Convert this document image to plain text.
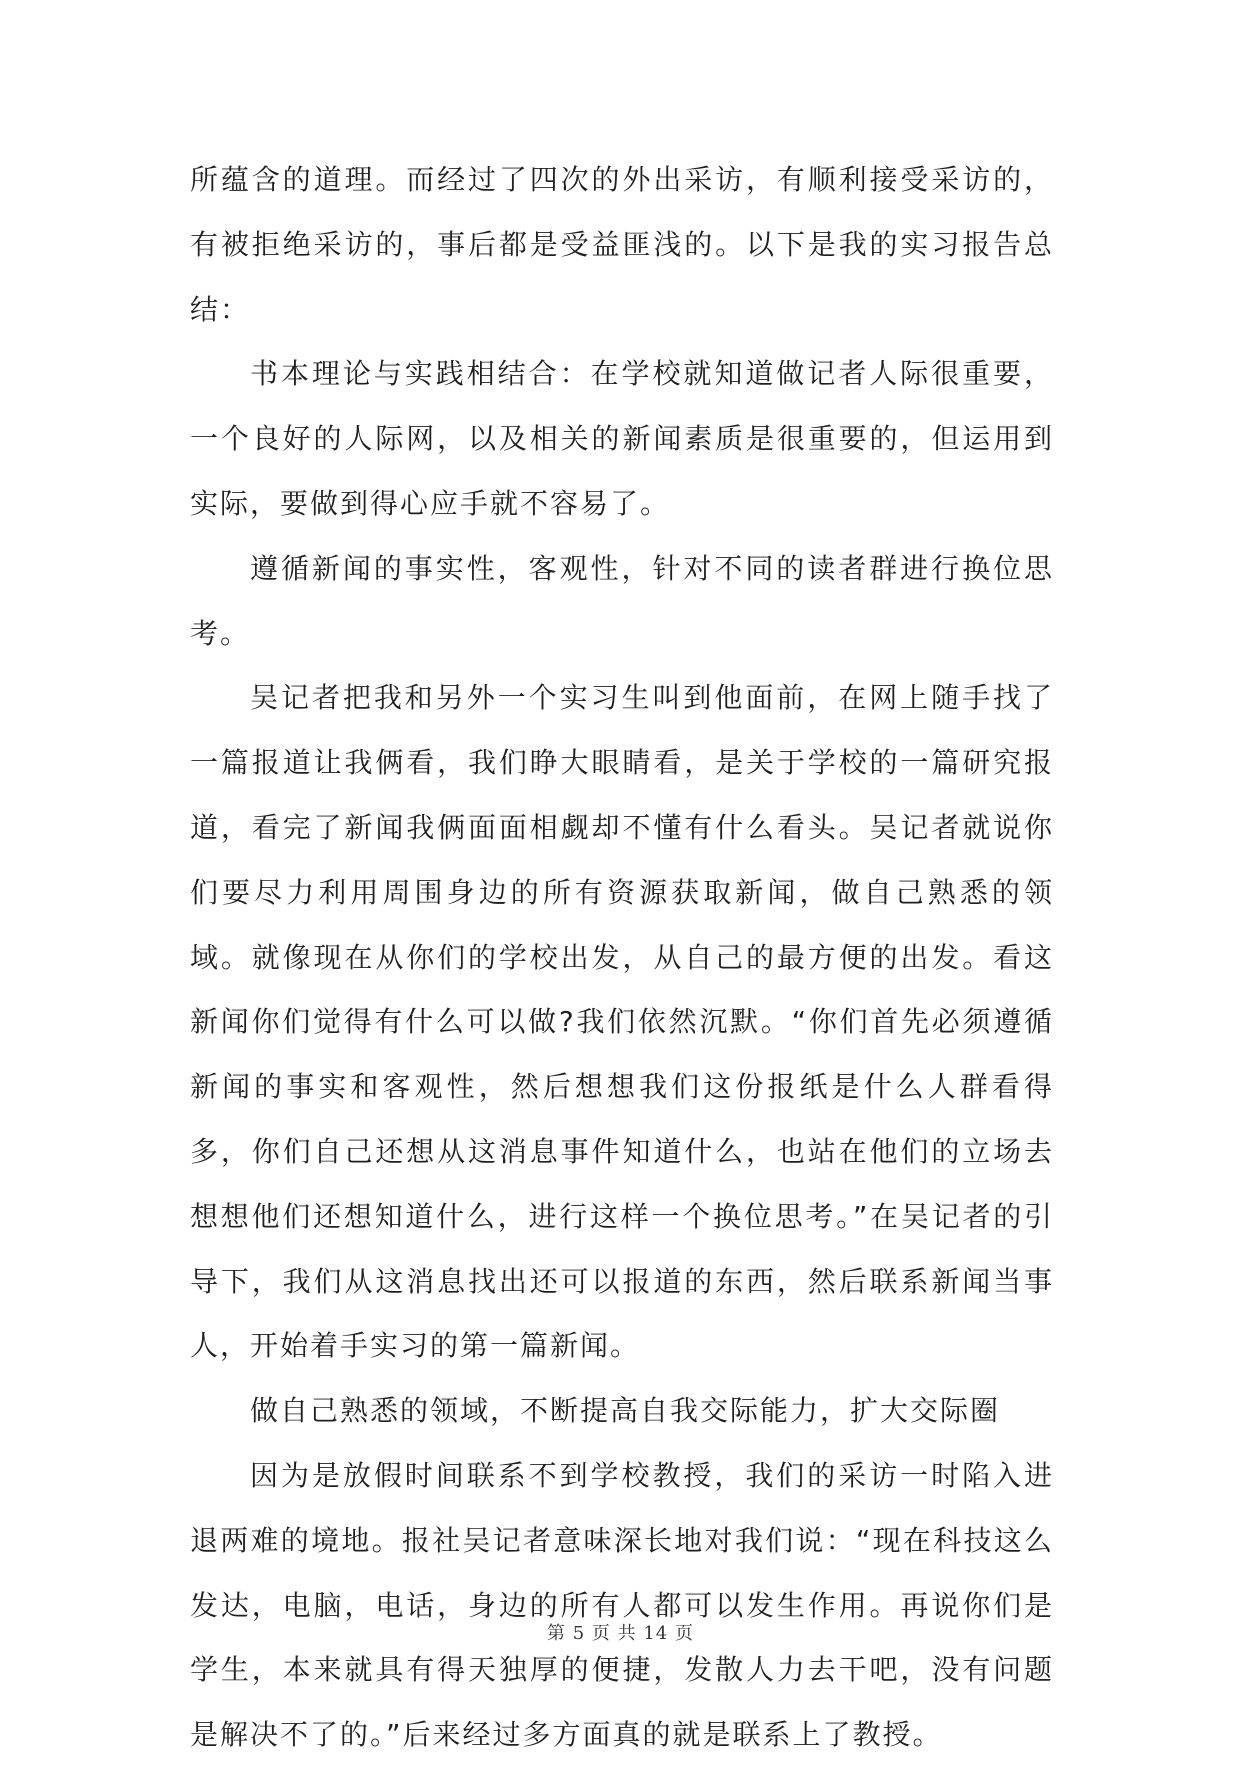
所蕴含的道理。而经过了四次的外出采访，有顺利接受采访的，有被拒绝采访的，事后都是受益匪浅的。以下是我的实习报告总结：

书本理论与实践相结合：在学校就知道做记者人际很重要，一个良好的人际网，以及相关的新闻素质是很重要的，但运用到实际，要做到得心应手就不容易了。

遵循新闻的事实性，客观性，针对不同的读者群进行换位思考。

吴记者把我和另外一个实习生叫到他面前，在网上随手找了一篇报道让我俩看，我们睁大眼睛看，是关于学校的一篇研究报道，看完了新闻我俩面面相觑却不懂有什么看头。吴记者就说你们要尽力利用周围身边的所有资源获取新闻，做自己熟悉的领域。就像现在从你们的学校出发，从自己的最方便的出发。看这新闻你们觉得有什么可以做?我们依然沉默。“你们首先必须遵循新闻的事实和客观性，然后想想我们这份报纸是什么人群看得多，你们自己还想从这消息事件知道什么，也站在他们的立场去想想他们还想知道什么，进行这样一个换位思考。”在吴记者的引导下，我们从这消息找出还可以报道的东西，然后联系新闻当事人，开始着手实习的第一篇新闻。

做自己熟悉的领域，不断提高自我交际能力，扩大交际圈

因为是放假时间联系不到学校教授，我们的采访一时陷入进退两难的境地。报社吴记者意味深长地对我们说：“现在科技这么发达，电脑，电话，身边的所有人都可以发生作用。再说你们是学生，本来就具有得天独厚的便捷，发散人力去干吧，没有问题是解决不了的。”后来经过多方面真的就是联系上了教授。

第 5 页 共 14 页
